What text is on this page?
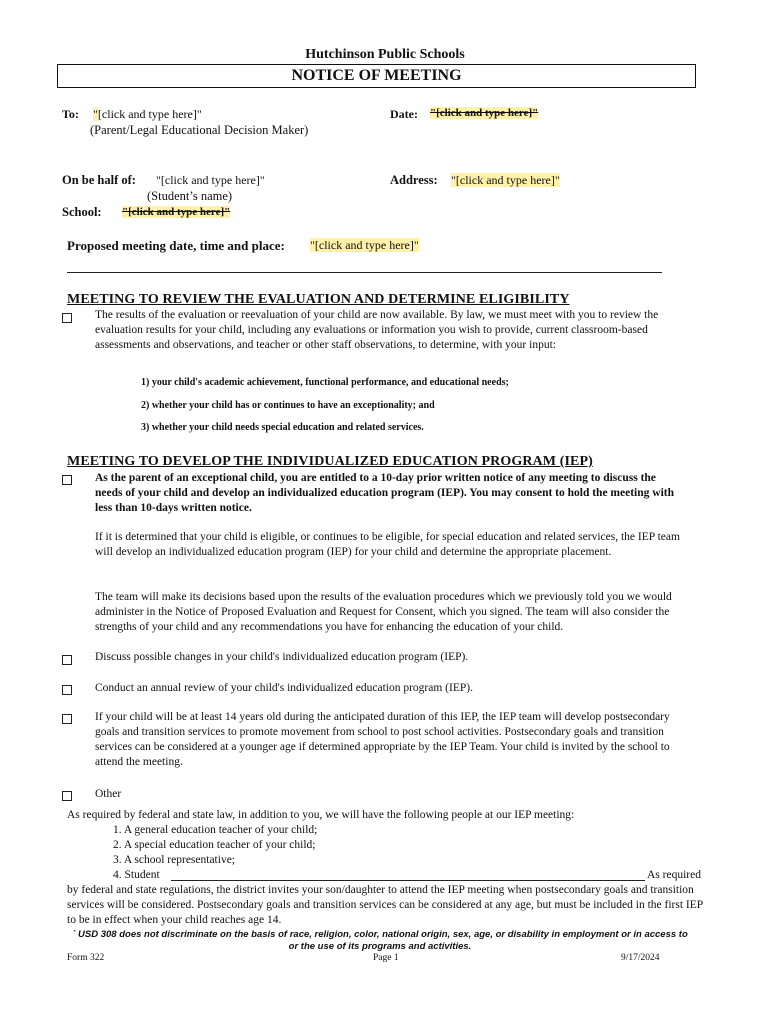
Hutchinson Public Schools
NOTICE OF MEETING
To: "[click and type here]"
(Parent/Legal Educational Decision Maker)
Date: "[click and type here]"
On be half of: "[click and type here]"
(Student’s name)
Address: "[click and type here]"
School: "[click and type here]"
Proposed meeting date, time and place: "[click and type here]"
MEETING TO REVIEW THE EVALUATION AND DETERMINE ELIGIBILITY
The results of the evaluation or reevaluation of your child are now available. By law, we must meet with you to review the evaluation results for your child, including any evaluations or information you wish to provide, current classroom-based assessments and observations, and teacher or other staff observations, to determine, with your input:
1) your child's academic achievement, functional performance, and educational needs;
2) whether your child has or continues to have an exceptionality; and
3) whether your child needs special education and related services.
MEETING TO DEVELOP THE INDIVIDUALIZED EDUCATION PROGRAM (IEP)
As the parent of an exceptional child, you are entitled to a 10-day prior written notice of any meeting to discuss the needs of your child and develop an individualized education program (IEP). You may consent to hold the meeting with less than 10-days written notice.
If it is determined that your child is eligible, or continues to be eligible, for special education and related services, the IEP team will develop an individualized education program (IEP) for your child and determine the appropriate placement.
The team will make its decisions based upon the results of the evaluation procedures which we previously told you we would administer in the Notice of Proposed Evaluation and Request for Consent, which you signed. The team will also consider the strengths of your child and any recommendations you have for enhancing the education of your child.
Discuss possible changes in your child's individualized education program (IEP).
Conduct an annual review of your child's individualized education program (IEP).
If your child will be at least 14 years old during the anticipated duration of this IEP, the IEP team will develop postsecondary goals and transition services to promote movement from school to post school activities. Postsecondary goals and transition services can be considered at a younger age if determined appropriate by the IEP Team. Your child is invited by the school to attend the meeting.
Other
As required by federal and state law, in addition to you, we will have the following people at our IEP meeting:
1. A general education teacher of your child;
2. A special education teacher of your child;
3. A school representative;
4. Student	As required
by federal and state regulations, the district invites your son/daughter to attend the IEP meeting when postsecondary goals and transition services will be considered. Postsecondary goals and transition services can be considered at any age, but must be included in the first IEP to be in effect when your child reaches age 14.
` USD 308 does not discriminate on the basis of race, religion, color, national origin, sex, age, or disability in employment or in access to or the use of its programs and activities.
Form 322	Page 1	9/17/2024
